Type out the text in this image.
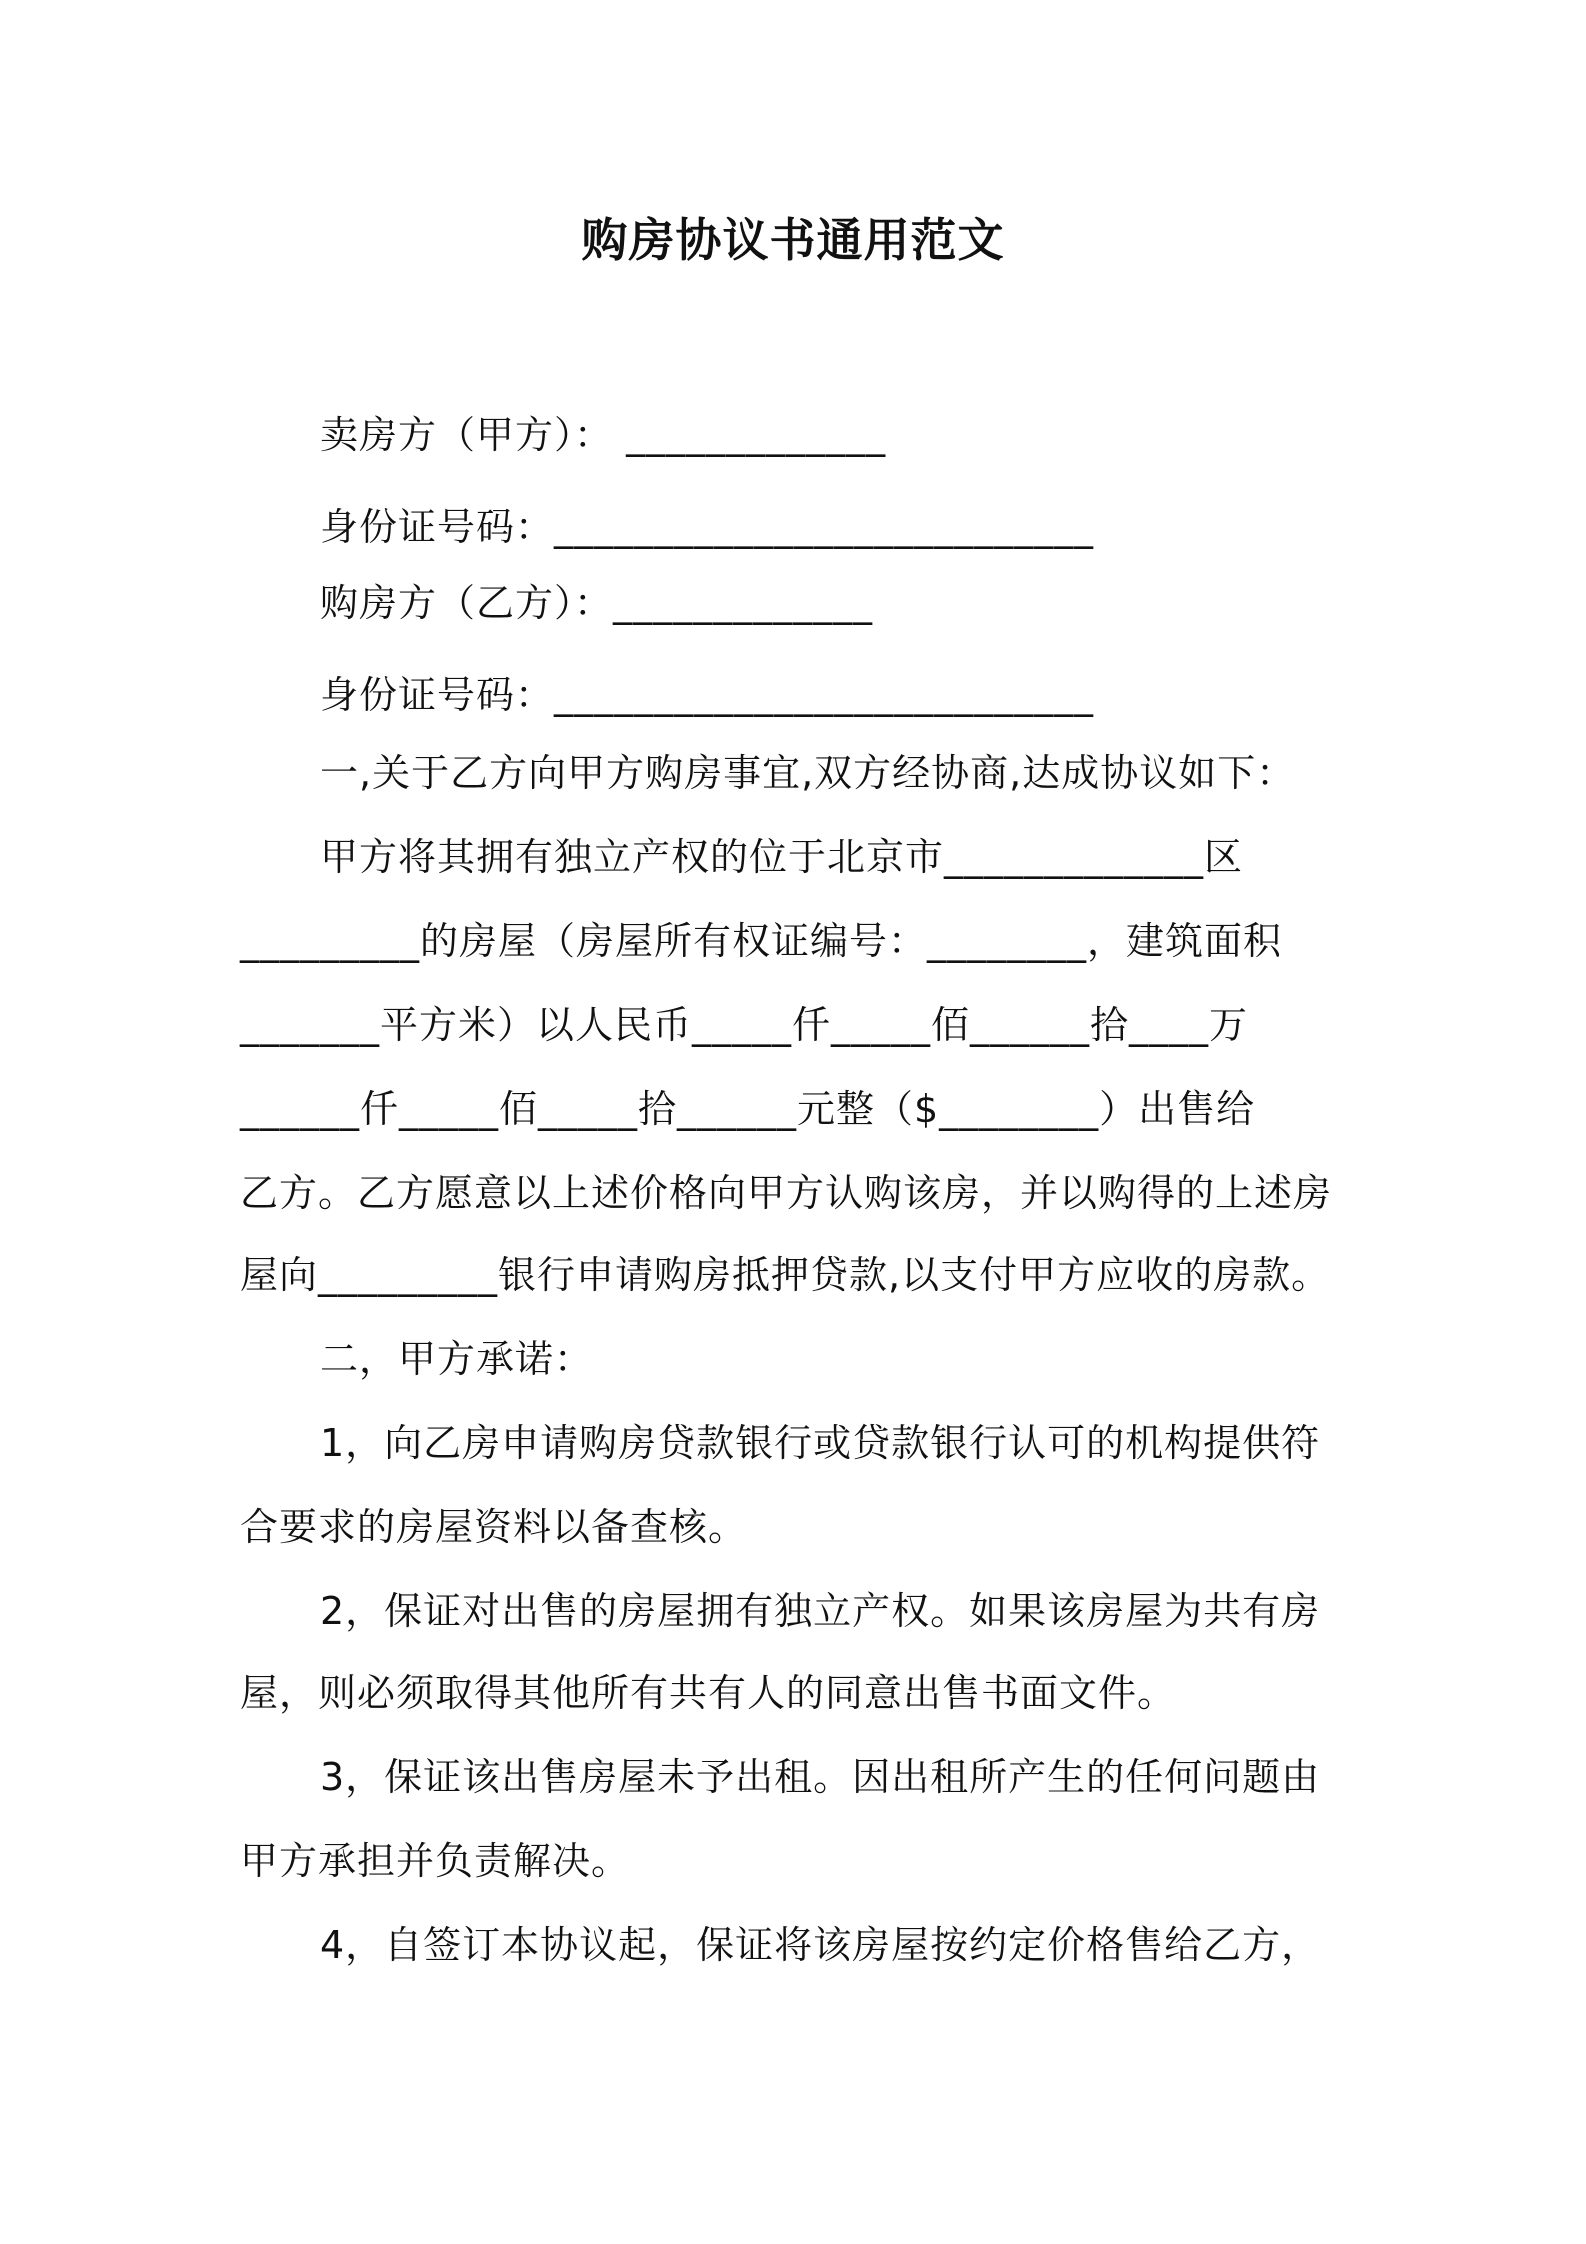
购房协议书通用范文
卖房方（甲方）： _____________
身份证号码：___________________________
购房方（乙方）：_____________
身份证号码：___________________________
一,关于乙方向甲方购房事宜,双方经协商,达成协议如下：
甲方将其拥有独立产权的位于北京市_____________区
_________的房屋（房屋所有权证编号：________，建筑面积
_______平方米）以人民币_____仟_____佰______拾____万
______仟_____佰_____拾______元整（$________）出售给
乙方。乙方愿意以上述价格向甲方认购该房，并以购得的上述房
屋向_________银行申请购房抵押贷款,以支付甲方应收的房款。
二，甲方承诺：
1，向乙房申请购房贷款银行或贷款银行认可的机构提供符
合要求的房屋资料以备查核。
2，保证对出售的房屋拥有独立产权。如果该房屋为共有房
屋，则必须取得其他所有共有人的同意出售书面文件。
3，保证该出售房屋未予出租。因出租所产生的任何问题由
甲方承担并负责解决。
4，自签订本协议起，保证将该房屋按约定价格售给乙方，
